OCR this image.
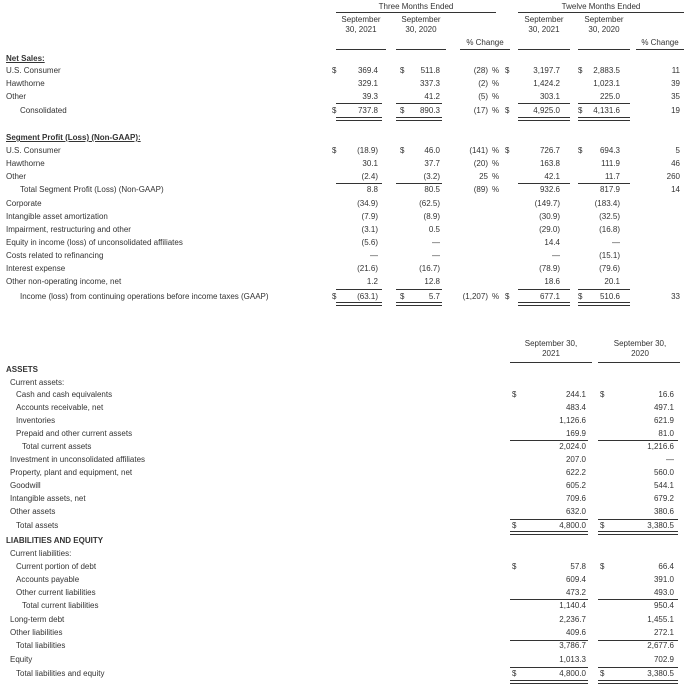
Three Months Ended	Twelve Months Ended
September 30, 2021
September 30, 2020
% Change
September 30, 2021
September 30, 2020
% Change
Net Sales:
U.S. Consumer	369.4	511.8	(28)	3,197.7	2,883.5	11
%
$	$	$	$
Hawthorne	329.1	337.3	(2)	1,424.2	1,023.1	39
%
Other	39.3	41.2	(5)	303.1	225.0	35
%
Consolidated	737.8	890.3	(17)	4,925.0	4,131.6	19
%
$	$	$	$
Segment Profit (Loss) (Non-GAAP):
U.S. Consumer	(18.9)	46.0	(141)	726.7	694.3	5
%
$	$	$	$
Hawthorne	30.1	37.7	(20)	163.8	111.9	46
%
Other	(2.4)	(3.2)	25	42.1	11.7	260
%
Total Segment Profit (Loss) (Non-GAAP)	8.8	80.5	(89)	932.6	817.9	14
%
Corporate	(34.9)	(62.5)	(149.7)	(183.4)
Intangible asset amortization	(7.9)	(8.9)	(30.9)	(32.5)
Impairment, restructuring and other	(3.1)	0.5	(29.0)	(16.8)
Equity in income (loss) of unconsolidated affiliates	(5.6)	—	14.4	—
Costs related to refinancing	—	—	—	(15.1)
Interest expense	(21.6)	(16.7)	(78.9)	(79.6)
Other non-operating income, net	1.2	12.8	18.6	20.1
Income (loss) from continuing operations before income taxes (GAAP)	(63.1)	5.7	(1,207)	677.1	510.6	33
%
$	$	$	$
September 30, 2021
September 30, 2020
ASSETS
Current assets:
Cash and cash equivalents	244.1	16.6
$	$
Accounts receivable, net	483.4	497.1
Inventories	1,126.6	621.9
Prepaid and other current assets	169.9	81.0
Total current assets	2,024.0	1,216.6
Investment in unconsolidated affiliates	207.0	—
Property, plant and equipment, net	622.2	560.0
Goodwill	605.2	544.1
Intangible assets, net	709.6	679.2
Other assets	632.0	380.6
Total assets	4,800.0	3,380.5
$	$
LIABILITIES AND EQUITY
Current liabilities:
Current portion of debt	57.8	66.4
$	$
Accounts payable	609.4	391.0
Other current liabilities	473.2	493.0
Total current liabilities	1,140.4	950.4
Long-term debt	2,236.7	1,455.1
Other liabilities	409.6	272.1
Total liabilities	3,786.7	2,677.6
Equity	1,013.3	702.9
Total liabilities and equity	4,800.0	3,380.5
$	$
